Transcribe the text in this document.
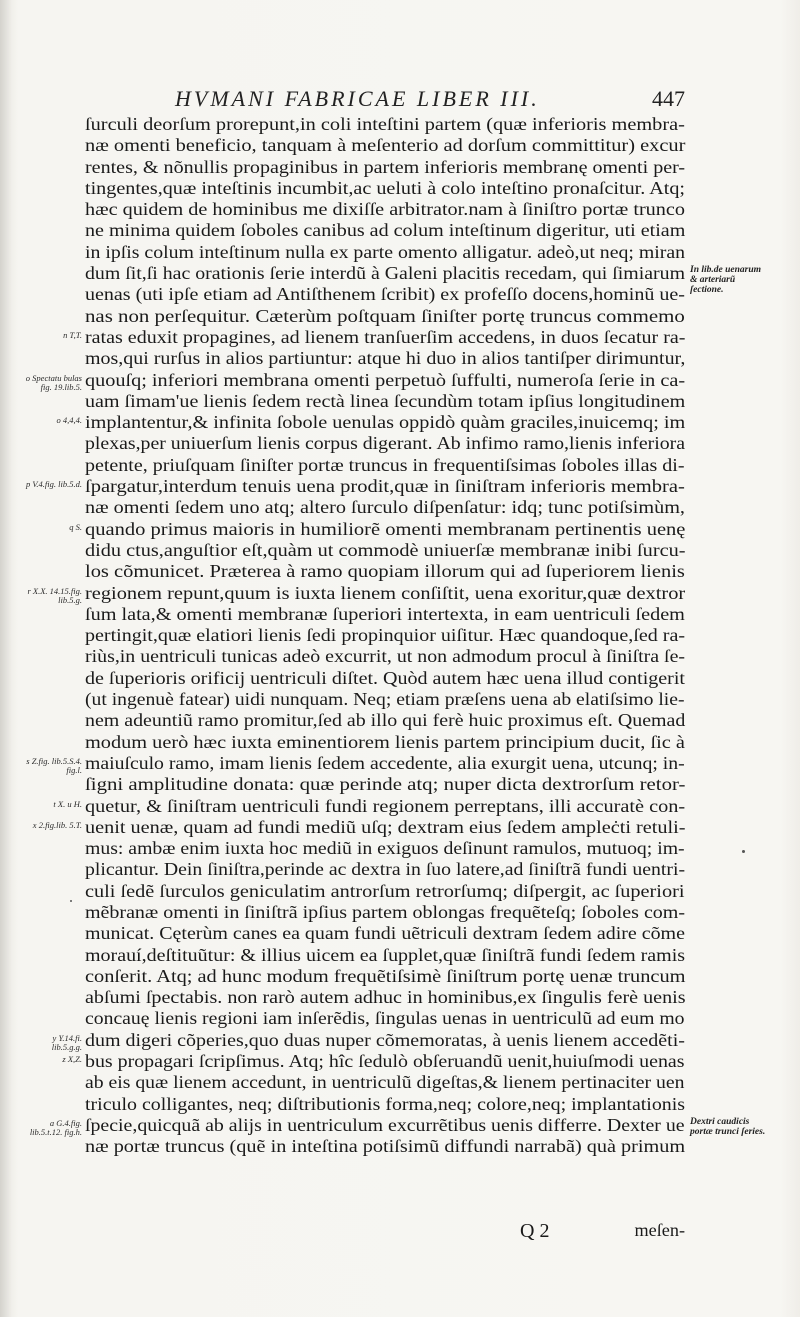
HVMANI FABRICAE LIBER III.	447
ſurculi deorſum prorepunt,in coli inteſtini partem (quæ inferioris membra-
næ omenti beneficio, tanquam à meſenterio ad dorſum committitur) excur
rentes, & nõnullis propaginibus in partem inferioris membranę omenti per-
tingentes,quæ inteſtinis incumbit,ac ueluti à colo inteſtino pronaſcitur. Atq;
hæc quidem de hominibus me dixiſſe arbitrator.nam à ſiniſtro portæ trunco
ne minima quidem ſoboles canibus ad colum inteſtinum digeritur, uti etiam
in ipſis colum inteſtinum nulla ex parte omento alligatur. adeò,ut neq; miran
dum ſit,ſi hac orationis ſerie interdũ à Galeni placitis recedam, qui ſimiarum
uenas (uti ipſe etiam ad Antiſthenem ſcribit) ex profeſſo docens,hominũ ue-
nas non perſequitur. Cæterùm poſtquam ſiniſter portę truncus commemo
ratas eduxit propagines, ad lienem tranſuerſim accedens, in duos ſecatur ra-
mos,qui rurſus in alios partiuntur: atque hi duo in alios tantiſper dirimuntur,
quouſq; inferiori membrana omenti perpetuò ſuffulti, numeroſa ſerie in ca-
uam ſimam'ue lienis ſedem rectà linea ſecundùm totam ipſius longitudinem
implantentur,& infinita ſobole uenulas oppidò quàm graciles,inuicemq; im
plexas,per uniuerſum lienis corpus digerant. Ab infimo ramo,lienis inferiora
petente, priuſquam ſiniſter portæ truncus in frequentiſsimas ſoboles illas di-
ſpargatur,interdum tenuis uena prodit,quæ in ſiniſtram inferioris membra-
næ omenti ſedem uno atq; altero ſurculo diſpenſatur: idq; tunc potiſsimùm,
quando primus maioris in humiliorẽ omenti membranam pertinentis uenę
didu ctus,anguſtior eſt,quàm ut commodè uniuerſæ membranæ inibi ſurcu-
los cõmunicet. Præterea à ramo quopiam illorum qui ad ſuperiorem lienis
regionem repunt,quum is iuxta lienem conſiſtit, uena exoritur,quæ dextror
ſum lata,& omenti membranæ ſuperiori intertexta, in eam uentriculi ſedem
pertingit,quæ elatiori lienis ſedi propinquior uiſitur. Hæc quandoque,ſed ra-
riùs,in uentriculi tunicas adeò excurrit, ut non admodum procul à ſiniſtra ſe-
de ſuperioris orificij uentriculi diſtet. Quòd autem hæc uena illud contigerit
(ut ingenuè fatear) uidi nunquam. Neq; etiam præſens uena ab elatiſsimo lie-
nem adeuntiũ ramo promitur,ſed ab illo qui ferè huic proximus eſt. Quemad
modum uerò hæc iuxta eminentiorem lienis partem principium ducit, ſic à
maiuſculo ramo, imam lienis ſedem accedente, alia exurgit uena, utcunq; in-
ſigni amplitudine donata: quæ perinde atq; nuper dicta dextrorſum retor-
quetur, & ſiniſtram uentriculi fundi regionem perreptans, illi accuratè con-
uenit uenæ, quam ad fundi mediũ uſq; dextram eius ſedem ampleċti retuli-
mus: ambæ enim iuxta hoc mediũ in exiguos deſinunt ramulos, mutuoq; im-
plicantur. Dein ſiniſtra,perinde ac dextra in ſuo latere,ad ſiniſtrã fundi uentri-
culi ſedẽ ſurculos geniculatim antrorſum retrorſumq; diſpergit, ac ſuperiori
mẽbranæ omenti in ſiniſtrã ipſius partem oblongas frequẽteſq; ſoboles com-
municat. Cęterùm canes ea quam fundi uẽtriculi dextram ſedem adire cõme
morauí,deſtituũtur: & illius uicem ea ſupplet,quæ ſiniſtrã fundi ſedem ramis
conſerit. Atq; ad hunc modum frequẽtiſsimè ſiniſtrum portę uenæ truncum
abſumi ſpectabis. non rarò autem adhuc in hominibus,ex ſingulis ferè uenis
concauę lienis regioni iam inſerẽdis, ſingulas uenas in uentriculũ ad eum mo
dum digeri cõperies,quo duas nuper cõmemoratas, à uenis lienem accedẽti-
bus propagari ſcripſimus. Atq; hîc ſedulò obſeruandũ uenit,huiuſmodi uenas
ab eis quæ lienem accedunt, in uentriculũ digeſtas,& lienem pertinaciter uen
triculo colligantes, neq; diſtributionis forma,neq; colore,neq; implantationis
ſpecie,quicquã ab alijs in uentriculum excurrẽtibus uenis differre. Dexter ue
næ portæ truncus (quẽ in inteſtina potiſsimũ diffundi narrabã) quà primum
n T,T.
o Spectatu bulas fig. 19.lib.5.
o 4,4,4.
p V.4.fig. lib.5.d.
q S.
r X.X. 14.15.fig. lib.5.g.
s Z.fig. lib.5.S.4. fig.l.
t X. u H.
x 2.fig.lib. 5.T.
y Y.14.fi. lib.5.g.g.
z X,Z.
a G.4.fig. lib.5.t.12. fig.h.
In lib.de uenarum & arteriarũ ſectione.
Dextri caudicis portæ trunci ſeries.
Q 2	meſen-
